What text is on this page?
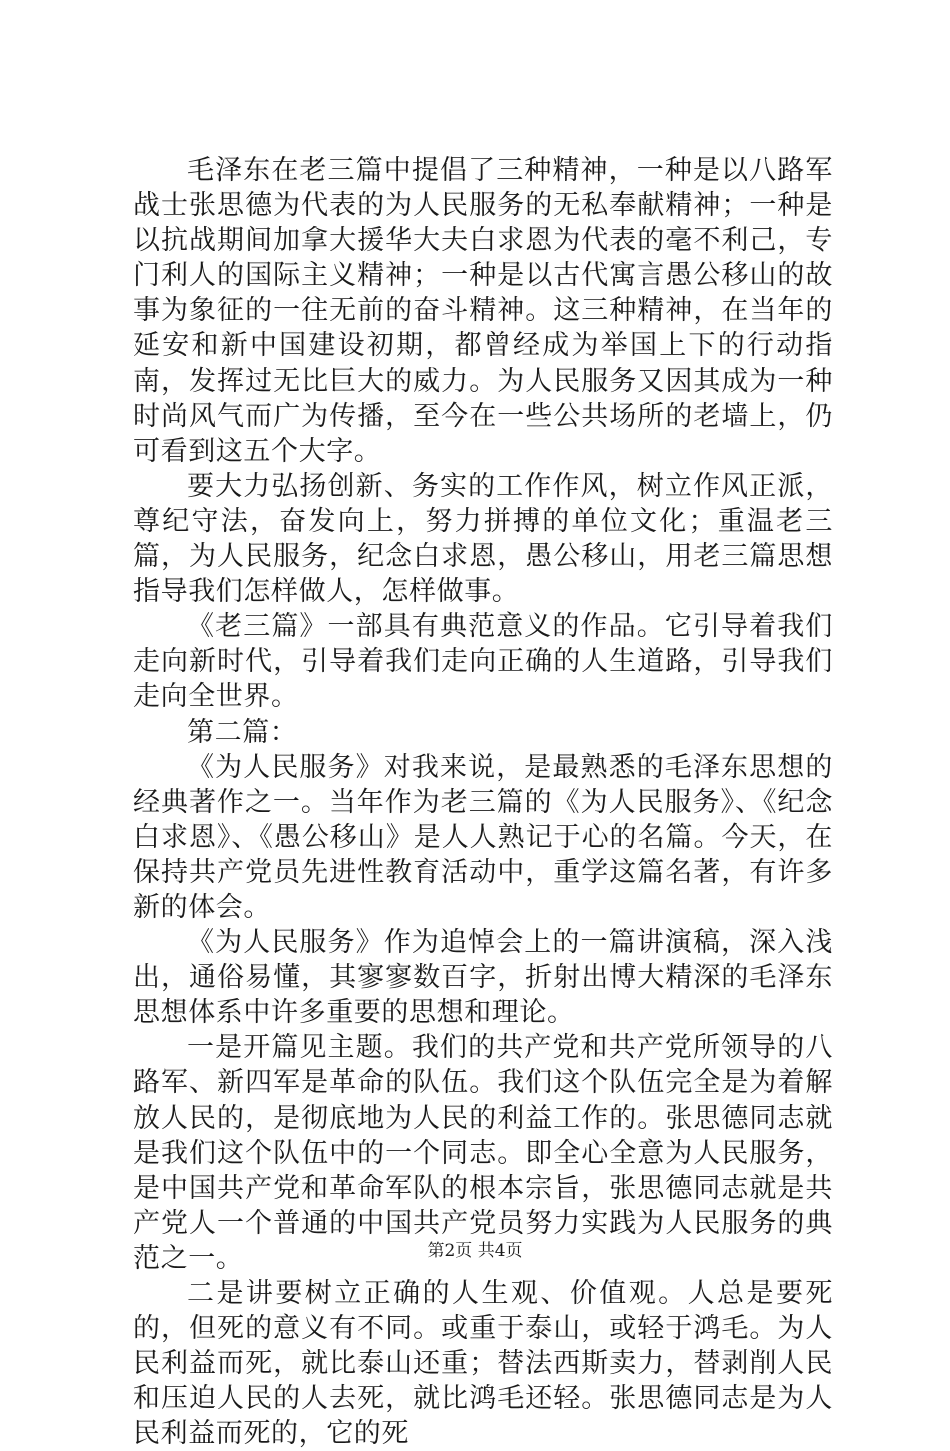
毛泽东在老三篇中提倡了三种精神，一种是以八路军战士张思德为代表的为人民服务的无私奉献精神；一种是以抗战期间加拿大援华大夫白求恩为代表的毫不利己，专门利人的国际主义精神；一种是以古代寓言愚公移山的故事为象征的一往无前的奋斗精神。这三种精神，在当年的延安和新中国建设初期，都曾经成为举国上下的行动指南，发挥过无比巨大的威力。为人民服务又因其成为一种时尚风气而广为传播，至今在一些公共场所的老墙上，仍可看到这五个大字。

要大力弘扬创新、务实的工作作风，树立作风正派，尊纪守法，奋发向上，努力拼搏的单位文化；重温老三篇，为人民服务，纪念白求恩，愚公移山，用老三篇思想指导我们怎样做人，怎样做事。

《老三篇》一部具有典范意义的作品。它引导着我们走向新时代，引导着我们走向正确的人生道路，引导我们走向全世界。

第二篇：

《为人民服务》对我来说，是最熟悉的毛泽东思想的经典著作之一。当年作为老三篇的《为人民服务》、《纪念白求恩》、《愚公移山》是人人熟记于心的名篇。今天，在保持共产党员先进性教育活动中，重学这篇名著，有许多新的体会。

《为人民服务》作为追悼会上的一篇讲演稿，深入浅出，通俗易懂，其寥寥数百字，折射出博大精深的毛泽东思想体系中许多重要的思想和理论。

一是开篇见主题。我们的共产党和共产党所领导的八路军、新四军是革命的队伍。我们这个队伍完全是为着解放人民的，是彻底地为人民的利益工作的。张思德同志就是我们这个队伍中的一个同志。即全心全意为人民服务，是中国共产党和革命军队的根本宗旨，张思德同志就是共产党人一个普通的中国共产党员努力实践为人民服务的典范之一。

二是讲要树立正确的人生观、价值观。人总是要死的，但死的意义有不同。或重于泰山，或轻于鸿毛。为人民利益而死，就比泰山还重；替法西斯卖力，替剥削人民和压迫人民的人去死，就比鸿毛还轻。张思德同志是为人民利益而死的，它的死

第2页 共4页
